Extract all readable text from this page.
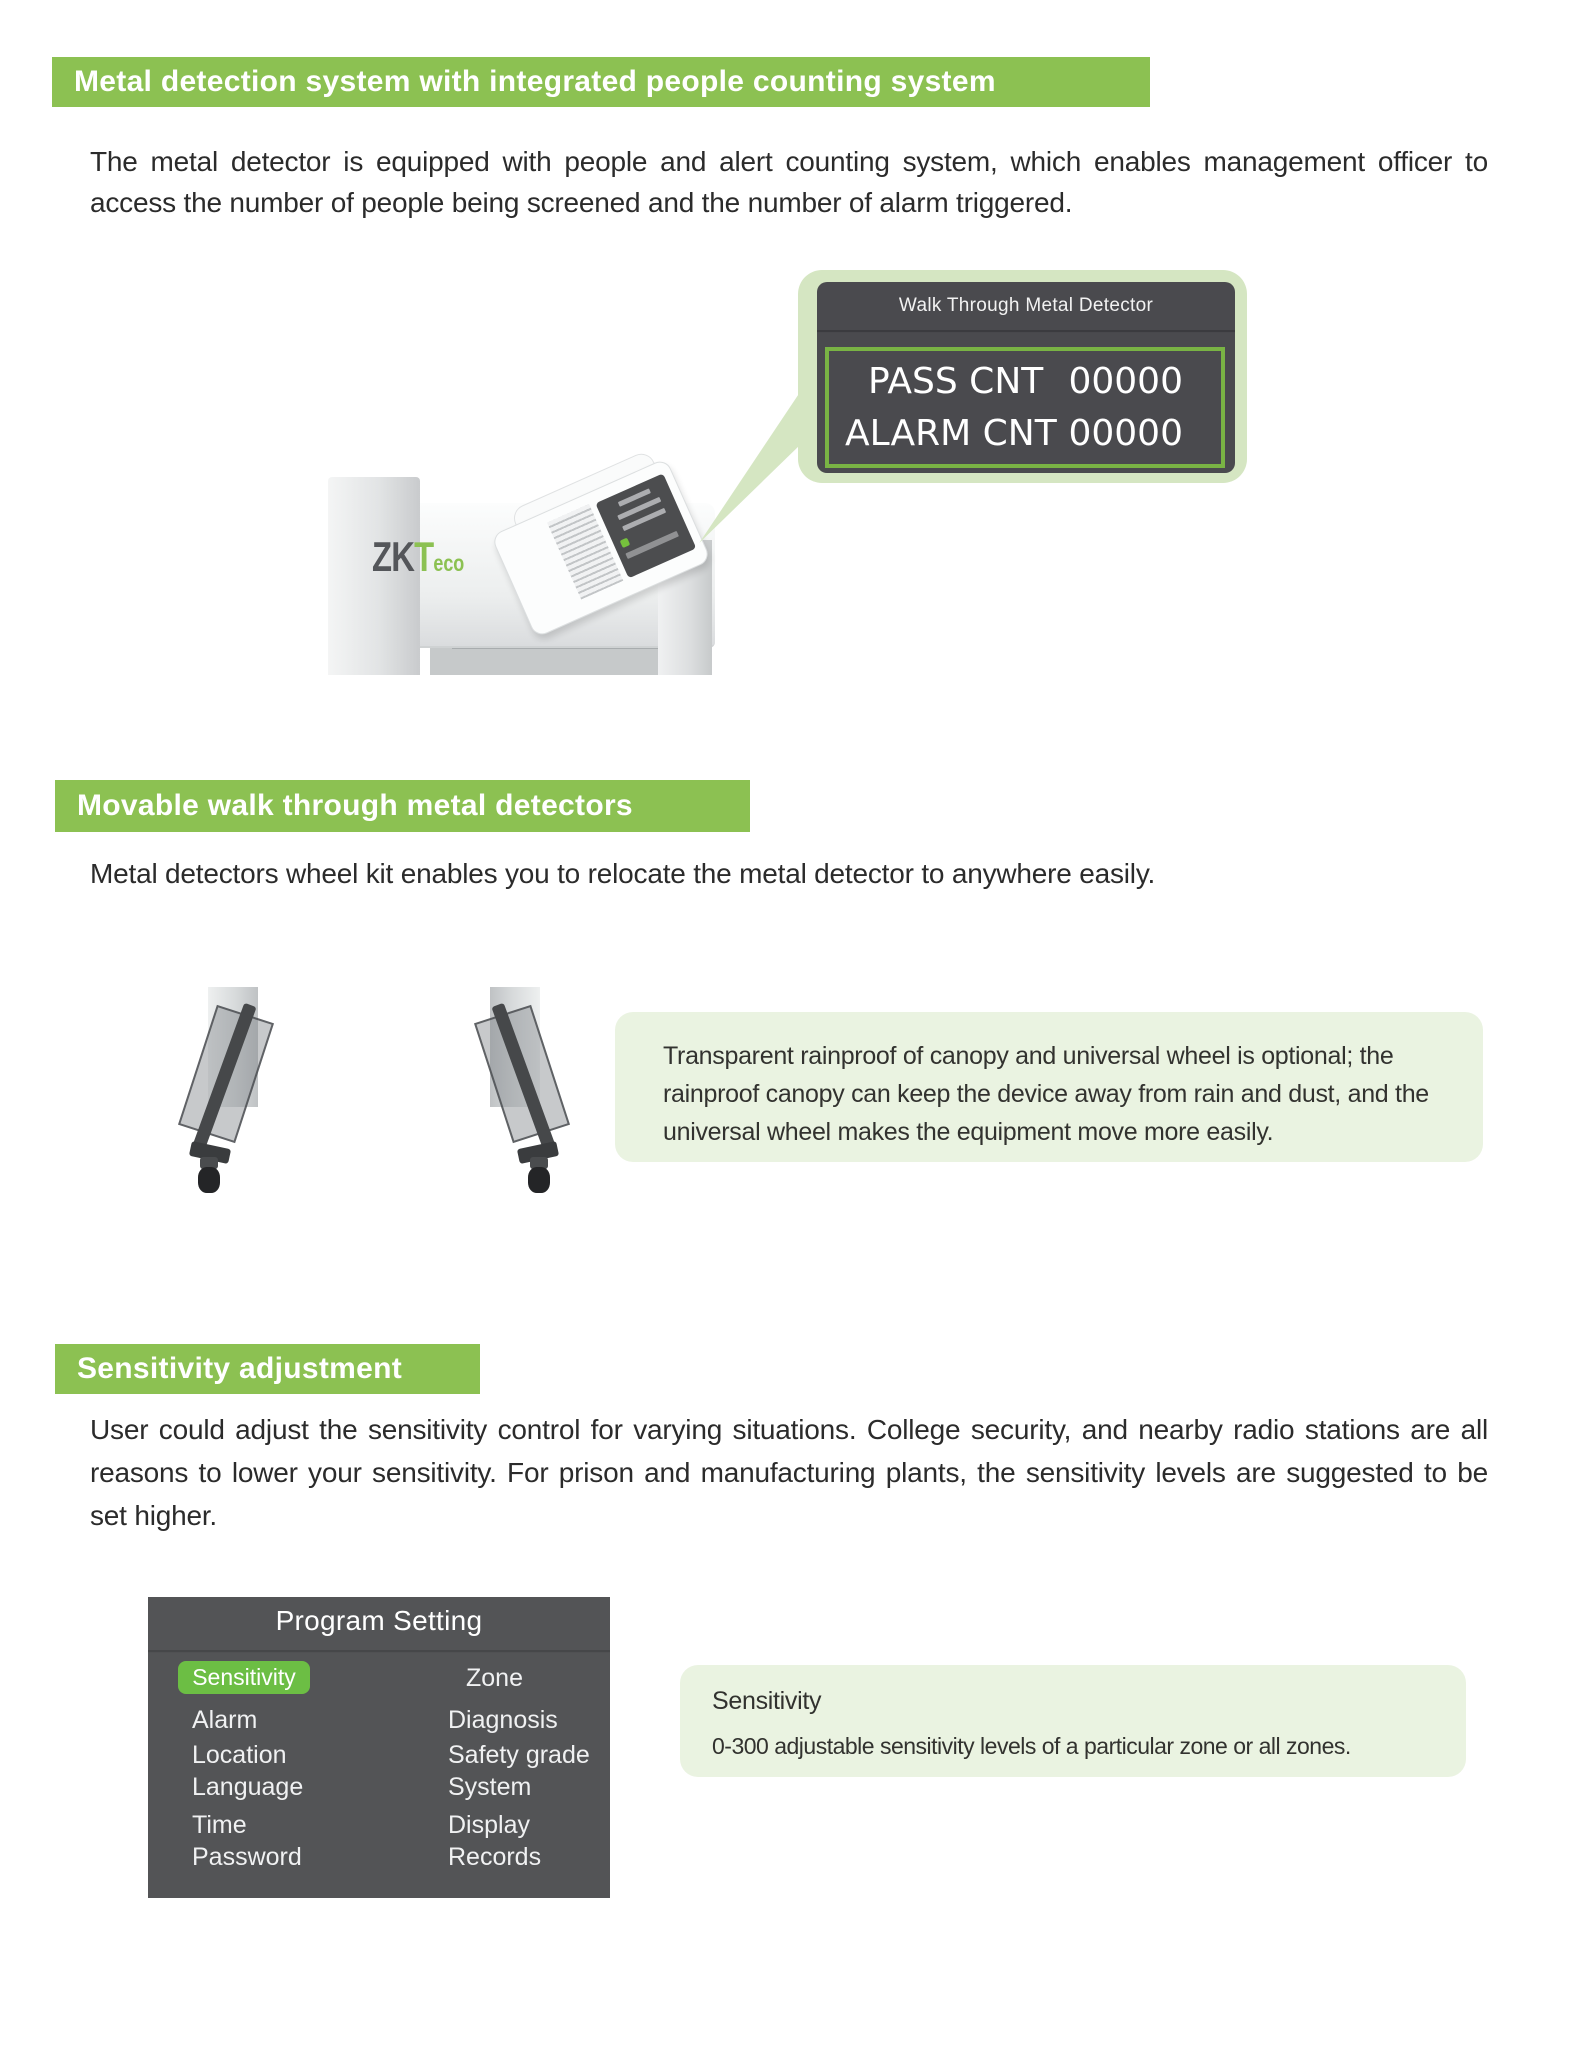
Metal detection system with integrated people counting system
The metal detector is equipped with people and alert counting system, which enables management officer to access the number of people being screened and the number of alarm triggered.
ZKTeco
Walk Through Metal Detector
PASS CNT 00000
ALARM CNT 00000
Movable walk through metal detectors
Metal detectors wheel kit enables you to relocate the metal detector to anywhere easily.
Transparent rainproof of canopy and universal wheel is optional; the rainproof canopy can keep the device away from rain and dust, and the universal wheel makes the equipment move more easily.
Sensitivity adjustment
User could adjust the sensitivity control for varying situations. College security, and nearby radio stations are all reasons to lower your sensitivity. For prison and manufacturing plants, the sensitivity levels are suggested to be set higher.
Program Setting
Sensitivity
Alarm
Location
Language
Time
Password
Zone
Diagnosis
Safety grade
System
Display
Records
Sensitivity
0-300 adjustable sensitivity levels of a particular zone or all zones.
